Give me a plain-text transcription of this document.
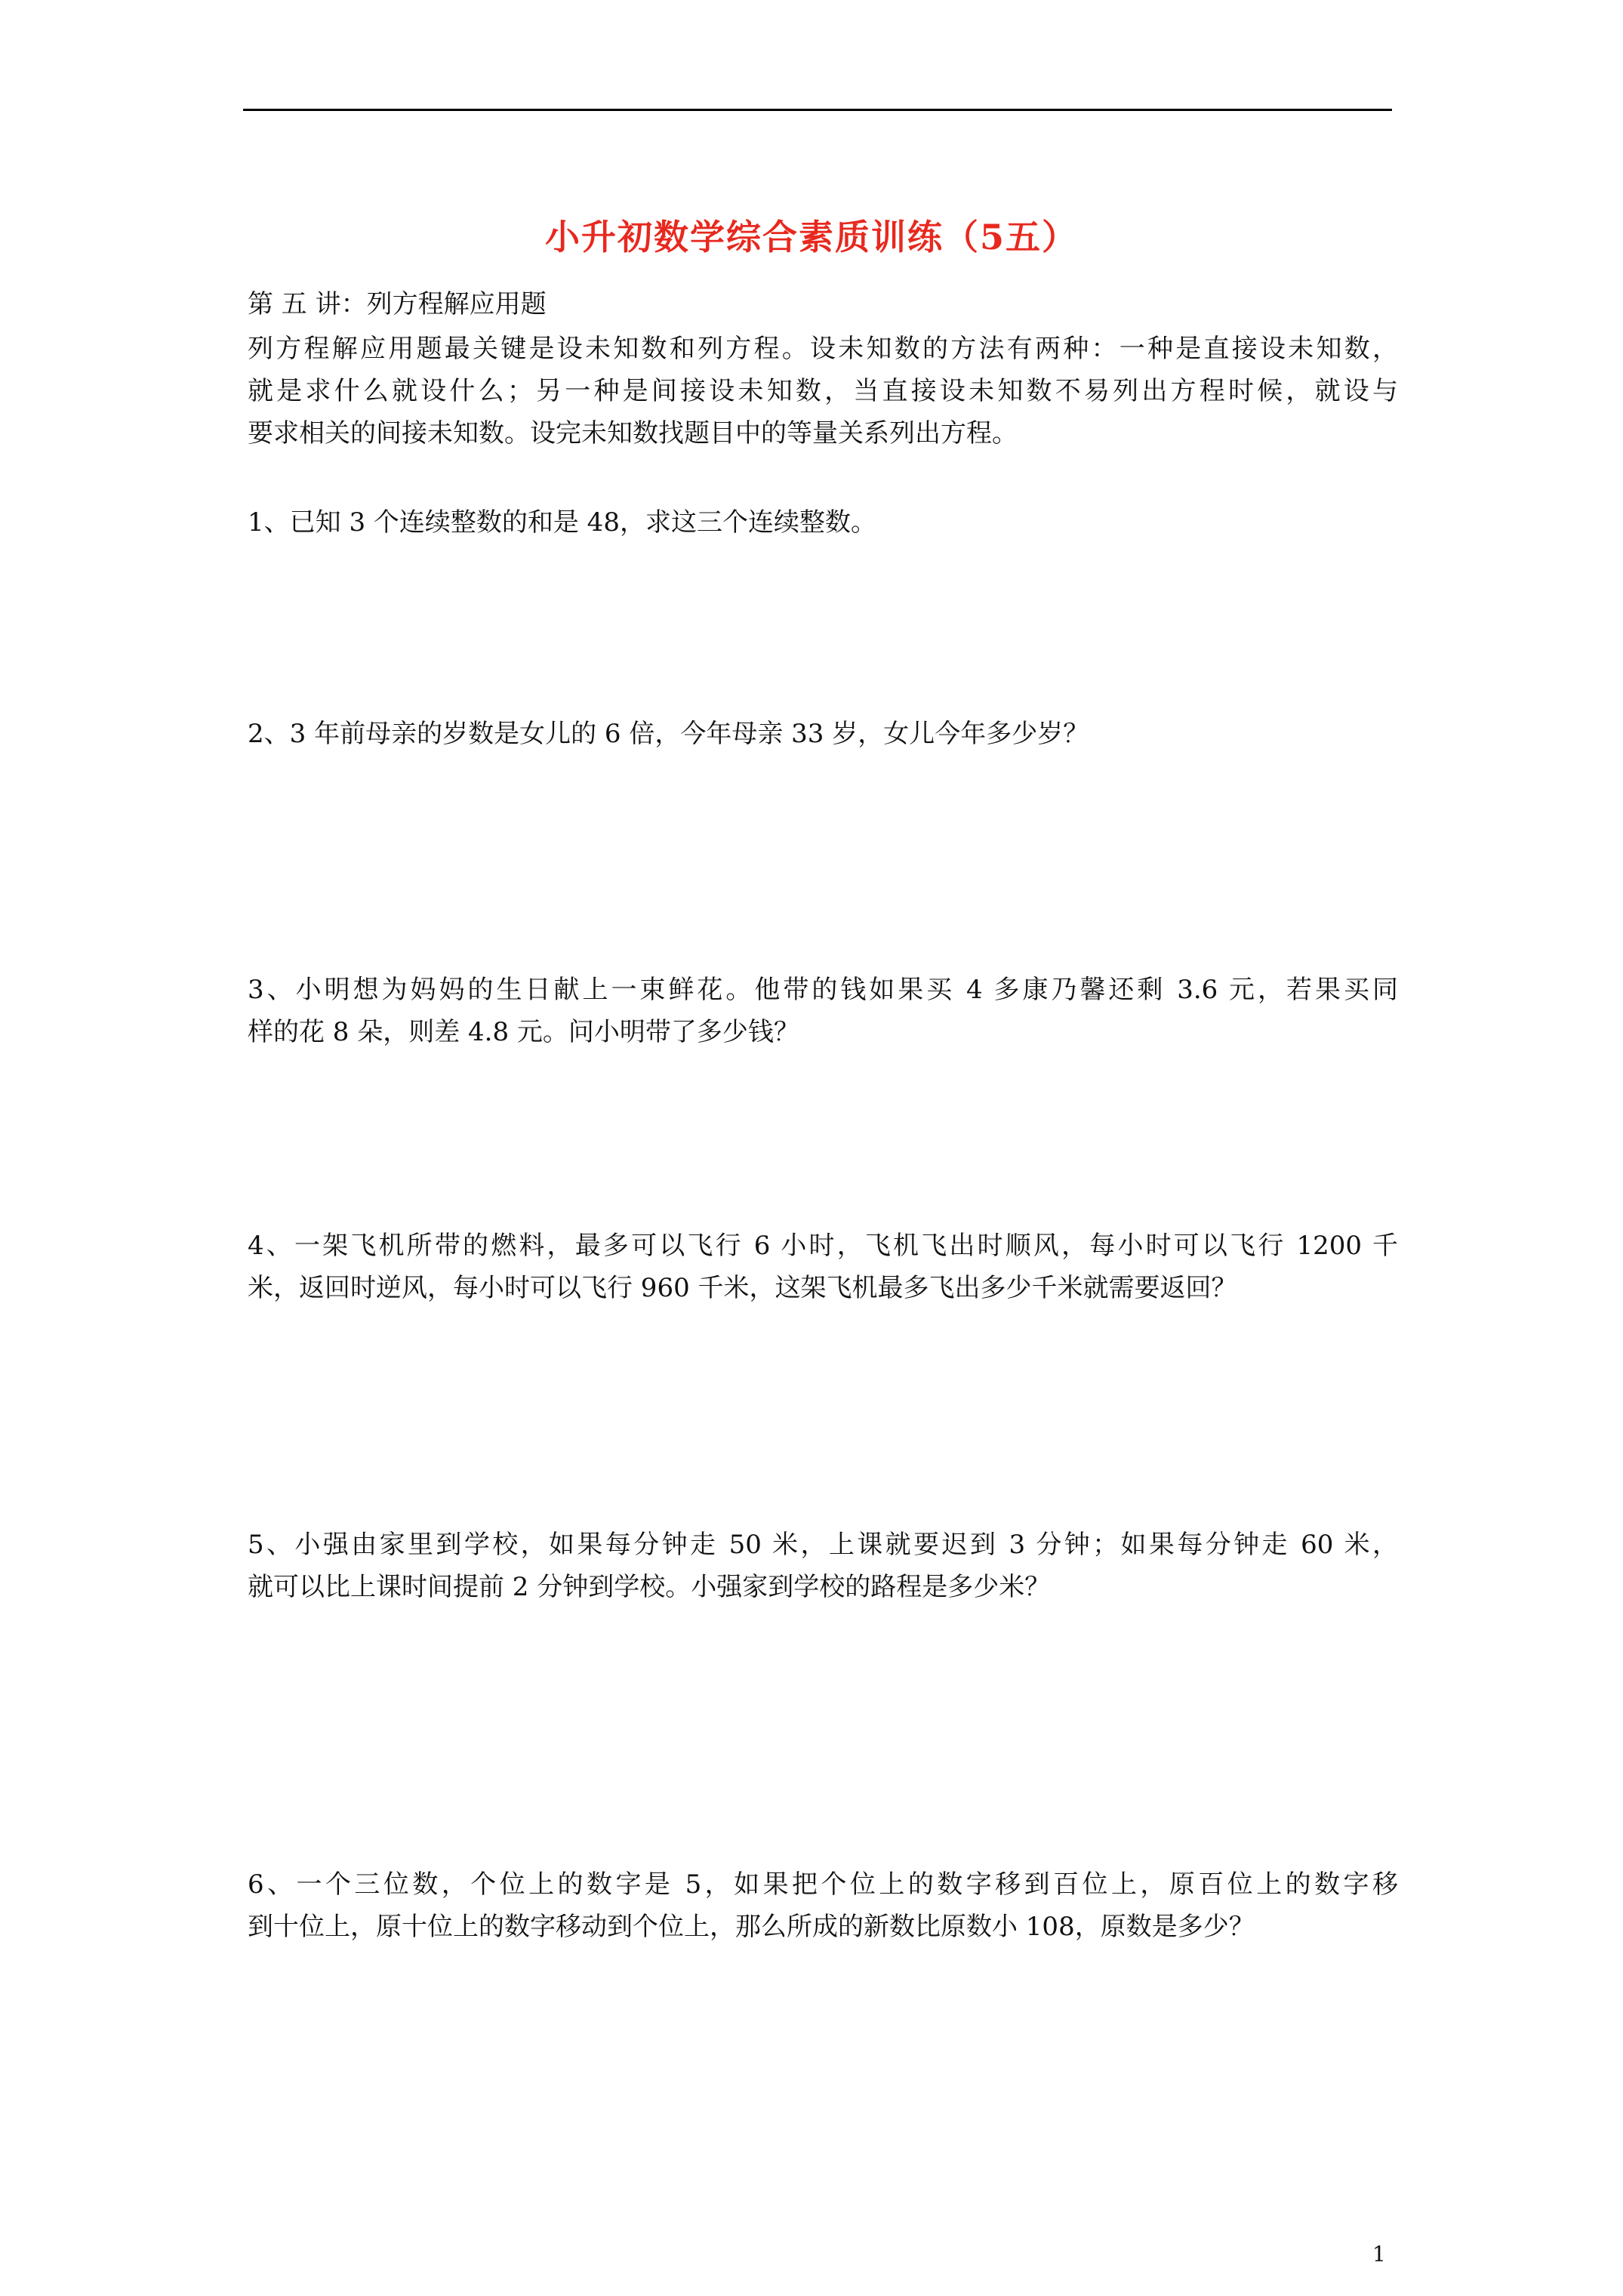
小升初数学综合素质训练（5五）
第 五 讲：列方程解应用题
列方程解应用题最关键是设未知数和列方程。设未知数的方法有两种：一种是直接设未知数，
就是求什么就设什么；另一种是间接设未知数，当直接设未知数不易列出方程时候，就设与
要求相关的间接未知数。设完未知数找题目中的等量关系列出方程。
1、已知 3 个连续整数的和是 48，求这三个连续整数。
2、3 年前母亲的岁数是女儿的 6 倍，今年母亲 33 岁，女儿今年多少岁？
3、小明想为妈妈的生日献上一束鲜花。他带的钱如果买 4 多康乃馨还剩 3.6 元，若果买同
样的花 8 朵，则差 4.8 元。问小明带了多少钱？
4、一架飞机所带的燃料，最多可以飞行 6 小时，飞机飞出时顺风，每小时可以飞行 1200 千
米，返回时逆风，每小时可以飞行 960 千米，这架飞机最多飞出多少千米就需要返回？
5、小强由家里到学校，如果每分钟走 50 米，上课就要迟到 3 分钟；如果每分钟走 60 米，
就可以比上课时间提前 2 分钟到学校。小强家到学校的路程是多少米？
6、一个三位数，个位上的数字是 5，如果把个位上的数字移到百位上，原百位上的数字移
到十位上，原十位上的数字移动到个位上，那么所成的新数比原数小 108，原数是多少？
1
